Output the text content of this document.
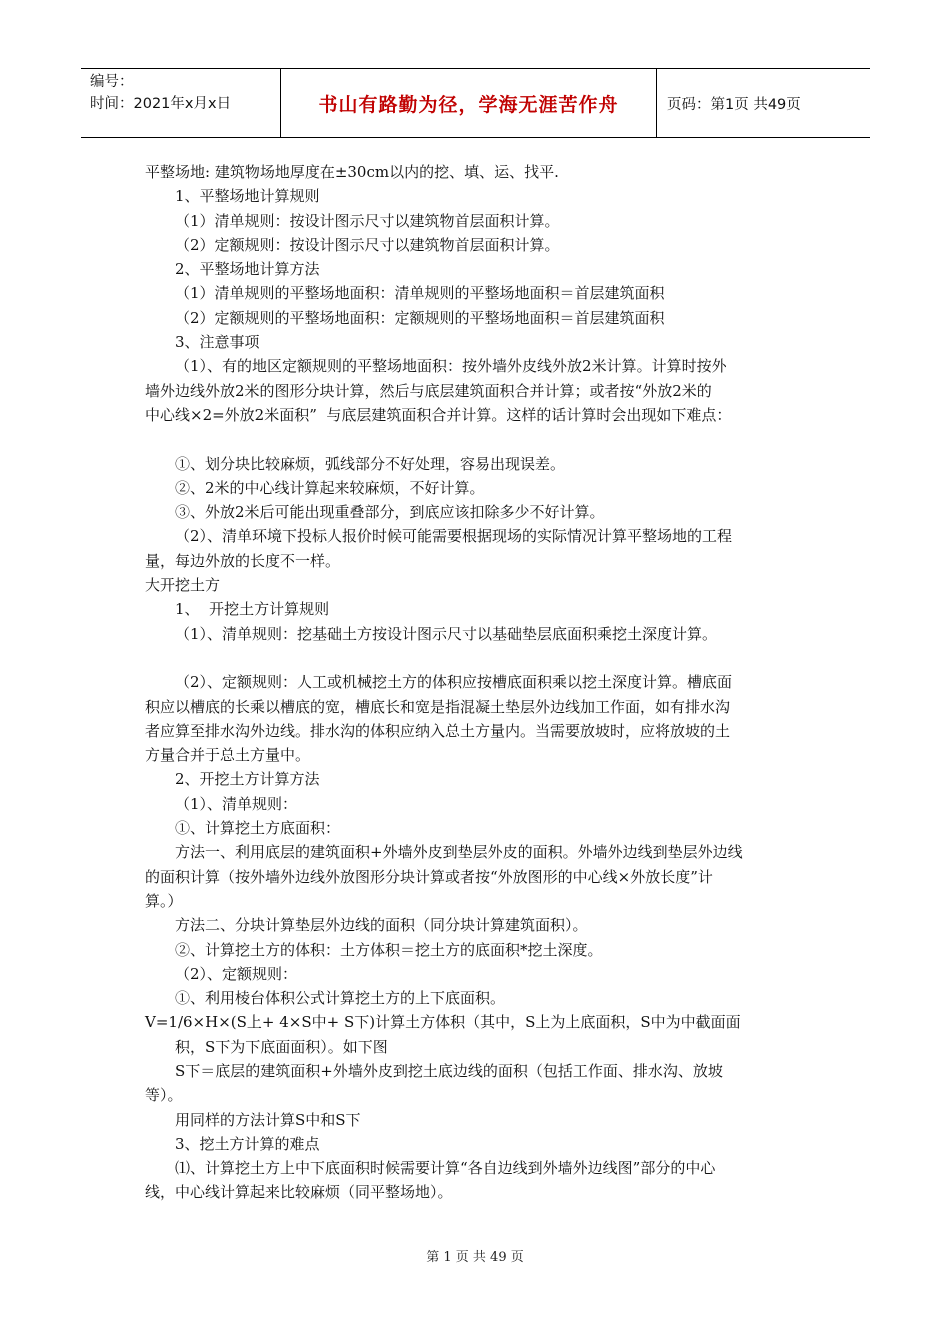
编号：
时间：2021年x月x日	书山有路勤为径，学海无涯苦作舟	页码：第1页 共49页

平整场地: 建筑物场地厚度在±30cm以内的挖、填、运、找平.

1、平整场地计算规则

（1）清单规则：按设计图示尺寸以建筑物首层面积计算。

（2）定额规则：按设计图示尺寸以建筑物首层面积计算。

2、平整场地计算方法

（1）清单规则的平整场地面积：清单规则的平整场地面积＝首层建筑面积

（2）定额规则的平整场地面积：定额规则的平整场地面积＝首层建筑面积

3、注意事项

（1）、有的地区定额规则的平整场地面积：按外墙外皮线外放2米计算。计算时按外

墙外边线外放2米的图形分块计算，然后与底层建筑面积合并计算；或者按“外放2米的

中心线×2=外放2米面积”  与底层建筑面积合并计算。这样的话计算时会出现如下难点：

①、划分块比较麻烦，弧线部分不好处理，容易出现误差。

②、2米的中心线计算起来较麻烦，不好计算。

③、外放2米后可能出现重叠部分，到底应该扣除多少不好计算。

（2）、清单环境下投标人报价时候可能需要根据现场的实际情况计算平整场地的工程

量，每边外放的长度不一样。

大开挖土方

1、  开挖土方计算规则

（1）、清单规则：挖基础土方按设计图示尺寸以基础垫层底面积乘挖土深度计算。

（2）、定额规则：人工或机械挖土方的体积应按槽底面积乘以挖土深度计算。槽底面

积应以槽底的长乘以槽底的宽，槽底长和宽是指混凝土垫层外边线加工作面，如有排水沟

者应算至排水沟外边线。排水沟的体积应纳入总土方量内。当需要放坡时，应将放坡的土

方量合并于总土方量中。

2、开挖土方计算方法

（1）、清单规则：

①、计算挖土方底面积：

方法一、利用底层的建筑面积+外墙外皮到垫层外皮的面积。外墙外边线到垫层外边线

的面积计算（按外墙外边线外放图形分块计算或者按“外放图形的中心线×外放长度”计

算。）

方法二、分块计算垫层外边线的面积（同分块计算建筑面积）。

②、计算挖土方的体积：土方体积＝挖土方的底面积*挖土深度。

（2）、定额规则：

①、利用棱台体积公式计算挖土方的上下底面积。

V=1/6×H×(S上+ 4×S中+ S下)计算土方体积（其中，S上为上底面积，S中为中截面面

积，S下为下底面面积）。如下图

S下＝底层的建筑面积+外墙外皮到挖土底边线的面积（包括工作面、排水沟、放坡

等）。

用同样的方法计算S中和S下

3、挖土方计算的难点

⑴、计算挖土方上中下底面积时候需要计算“各自边线到外墙外边线图”部分的中心

线，中心线计算起来比较麻烦（同平整场地）。

第 1 页 共 49 页
